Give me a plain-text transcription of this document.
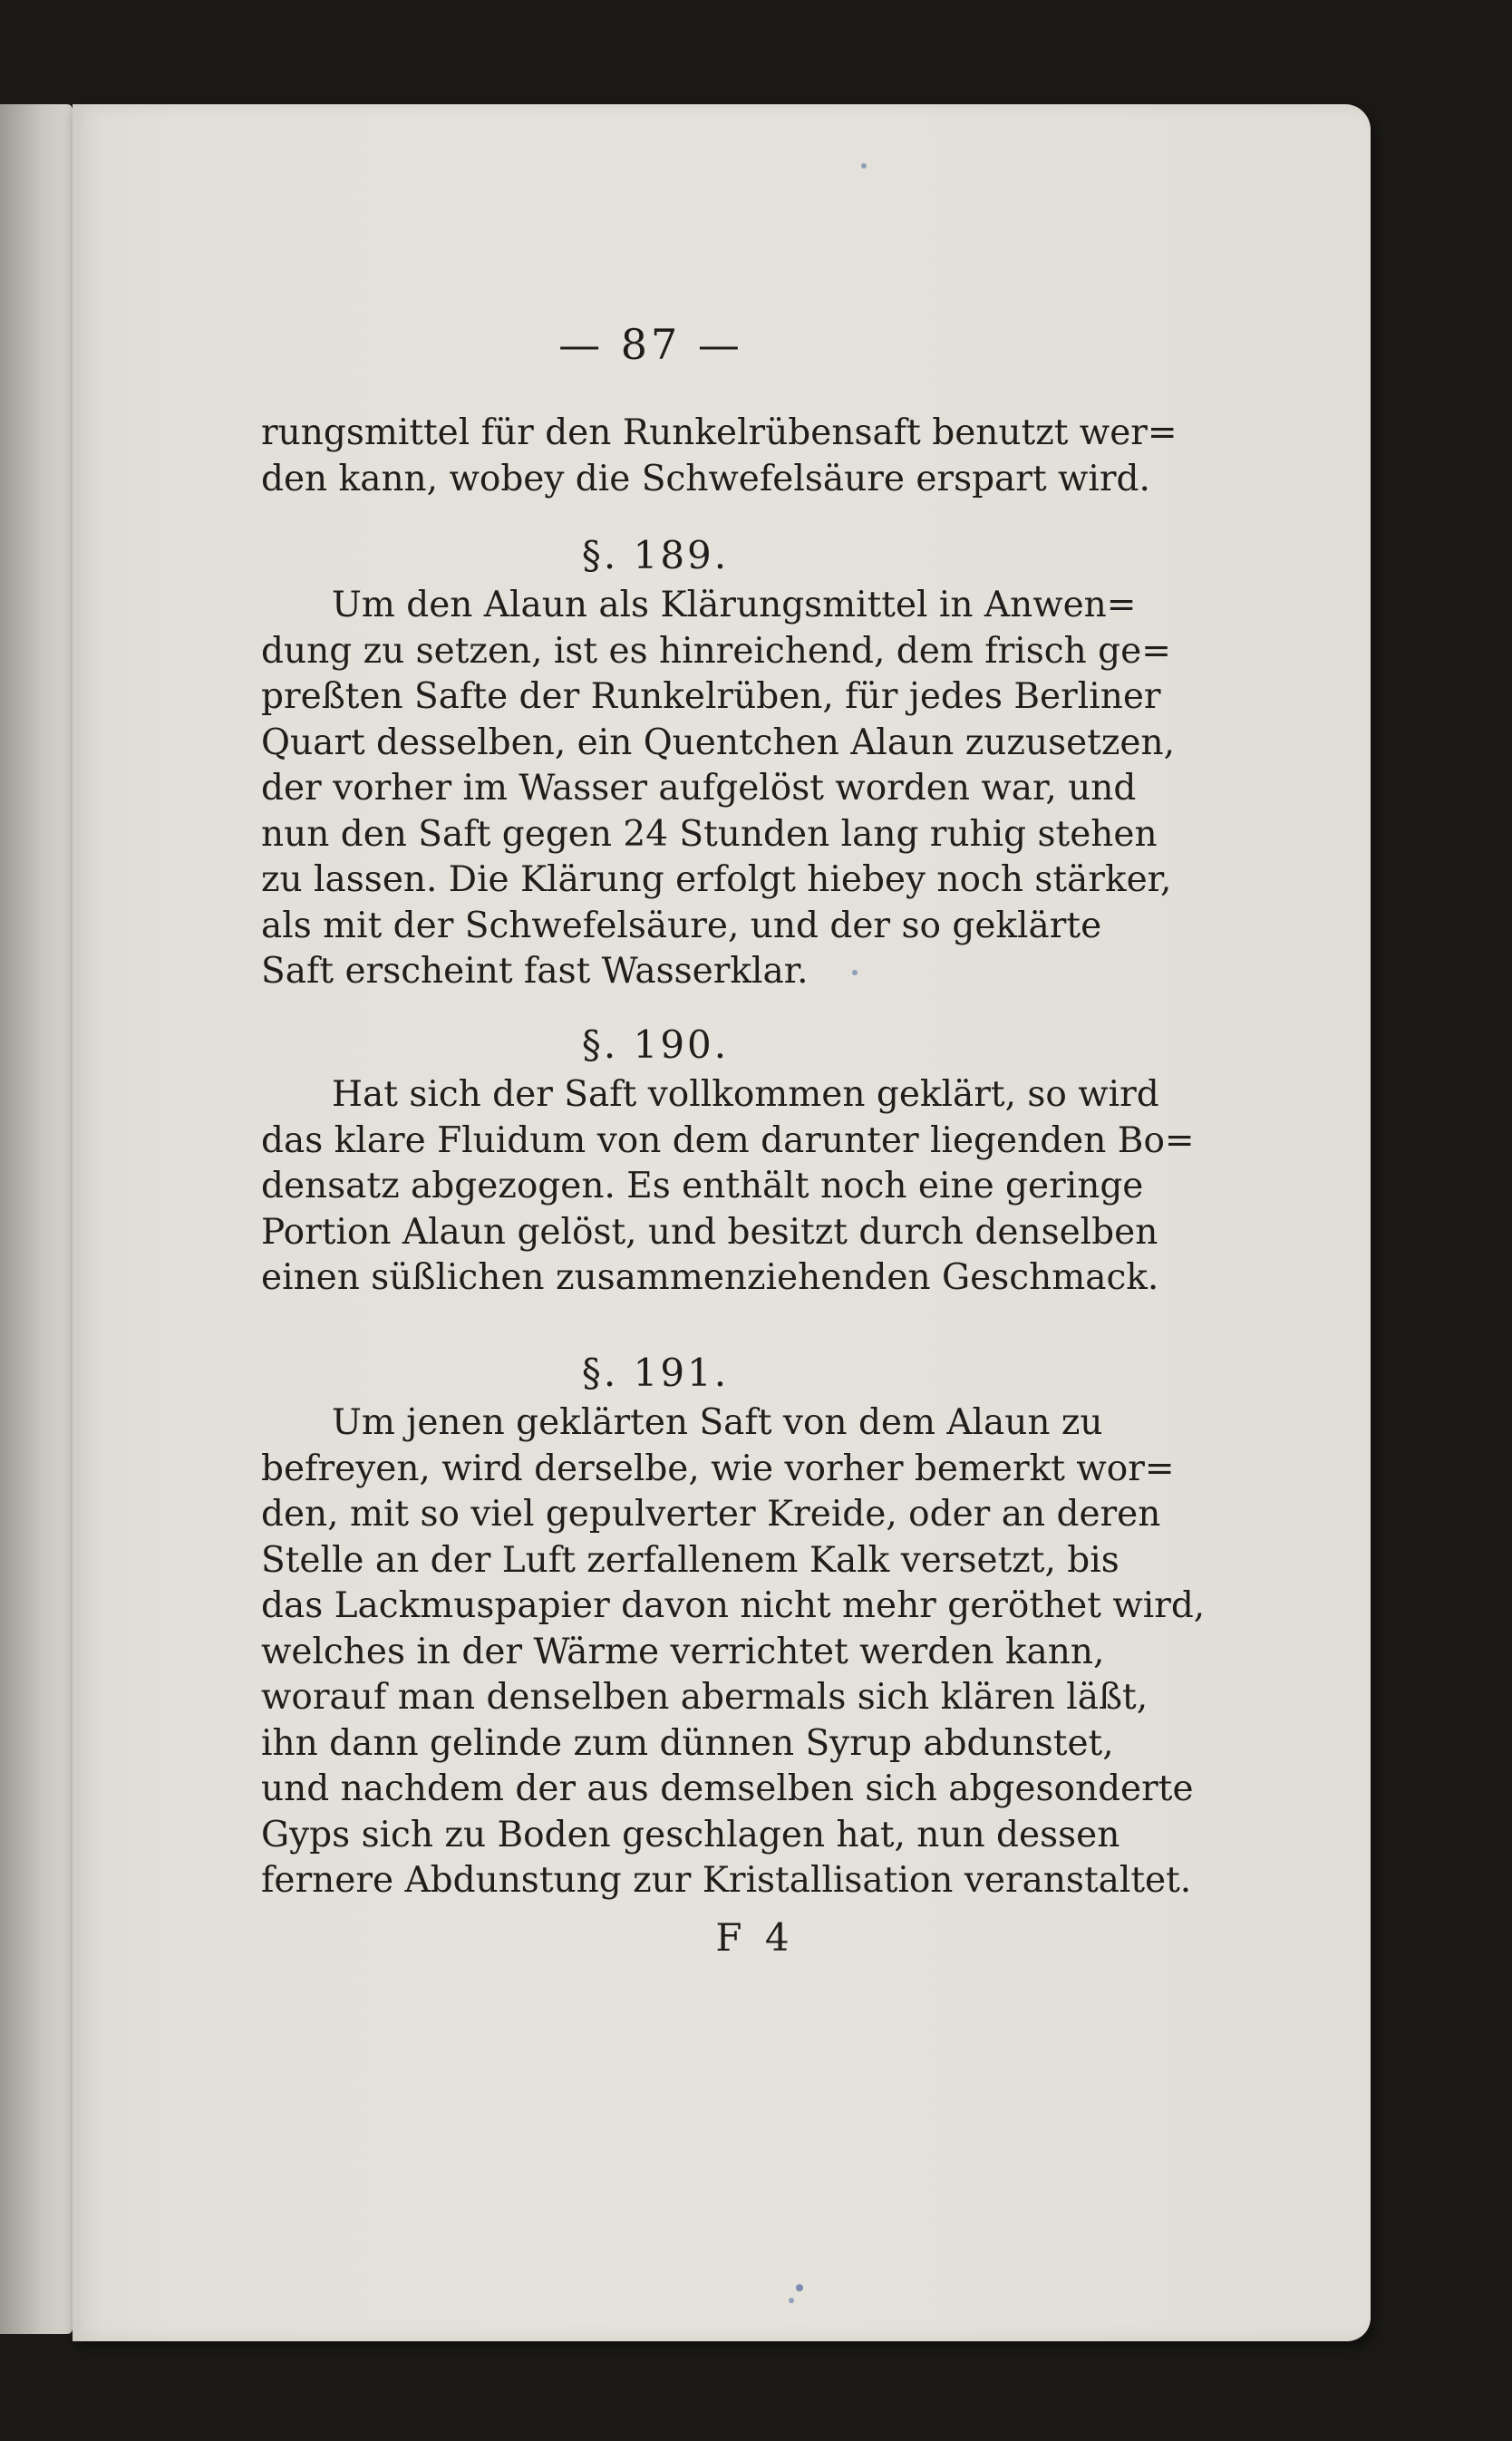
— 87 —
rungsmittel für den Runkelrübensaft benutzt wer=
den kann, wobey die Schwefelsäure erspart wird.
§. 189.
Um den Alaun als Klärungsmittel in Anwen=
dung zu setzen, ist es hinreichend, dem frisch ge=
preßten Safte der Runkelrüben, für jedes Berliner
Quart desselben, ein Quentchen Alaun zuzusetzen,
der vorher im Wasser aufgelöst worden war, und
nun den Saft gegen 24 Stunden lang ruhig stehen
zu lassen. Die Klärung erfolgt hiebey noch stärker,
als mit der Schwefelsäure, und der so geklärte
Saft erscheint fast Wasserklar.
§. 190.
Hat sich der Saft vollkommen geklärt, so wird
das klare Fluidum von dem darunter liegenden Bo=
densatz abgezogen. Es enthält noch eine geringe
Portion Alaun gelöst, und besitzt durch denselben
einen süßlichen zusammenziehenden Geschmack.
§. 191.
Um jenen geklärten Saft von dem Alaun zu
befreyen, wird derselbe, wie vorher bemerkt wor=
den, mit so viel gepulverter Kreide, oder an deren
Stelle an der Luft zerfallenem Kalk versetzt, bis
das Lackmuspapier davon nicht mehr geröthet wird,
welches in der Wärme verrichtet werden kann,
worauf man denselben abermals sich klären läßt,
ihn dann gelinde zum dünnen Syrup abdunstet,
und nachdem der aus demselben sich abgesonderte
Gyps sich zu Boden geschlagen hat, nun dessen
fernere Abdunstung zur Kristallisation veranstaltet.
F 4
